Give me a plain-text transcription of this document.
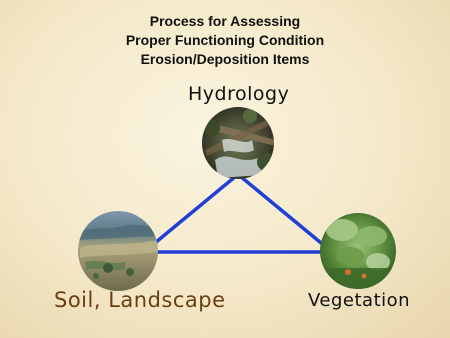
Process for Assessing
Proper Functioning Condition
Erosion/Deposition Items
Hydrology
Soil, Landscape	Vegetation
